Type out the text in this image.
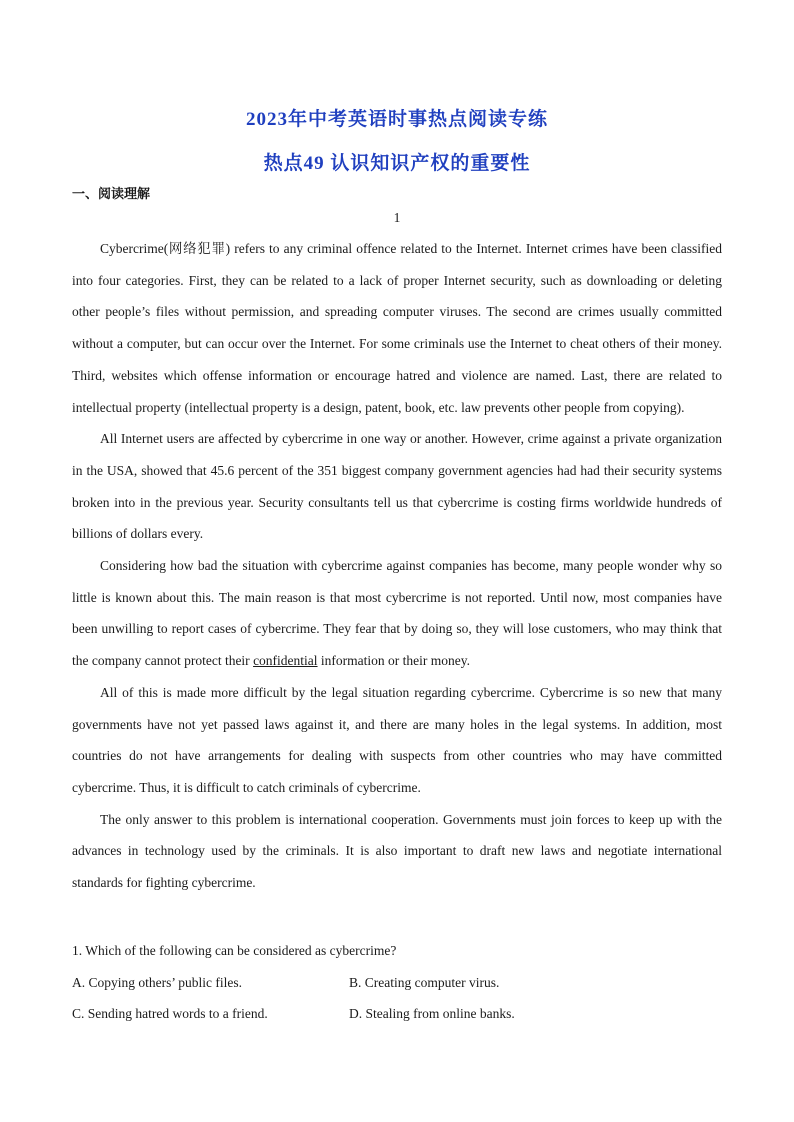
2023年中考英语时事热点阅读专练
热点49 认识知识产权的重要性
一、阅读理解
1

Cybercrime(网络犯罪) refers to any criminal offence related to the Internet. Internet crimes have been classified into four categories. First, they can be related to a lack of proper Internet security, such as downloading or deleting other people’s files without permission, and spreading computer viruses. The second are crimes usually committed without a computer, but can occur over the Internet. For some criminals use the Internet to cheat others of their money. Third, websites which offense information or encourage hatred and violence are named. Last, there are related to intellectual property (intellectual property is a design, patent, book, etc. law prevents other people from copying).

All Internet users are affected by cybercrime in one way or another. However, crime against a private organization in the USA, showed that 45.6 percent of the 351 biggest company government agencies had had their security systems broken into in the previous year. Security consultants tell us that cybercrime is costing firms worldwide hundreds of billions of dollars every.

Considering how bad the situation with cybercrime against companies has become, many people wonder why so little is known about this. The main reason is that most cybercrime is not reported. Until now, most companies have been unwilling to report cases of cybercrime. They fear that by doing so, they will lose customers, who may think that the company cannot protect their confidential information or their money.

All of this is made more difficult by the legal situation regarding cybercrime. Cybercrime is so new that many governments have not yet passed laws against it, and there are many holes in the legal systems. In addition, most countries do not have arrangements for dealing with suspects from other countries who may have committed cybercrime. Thus, it is difficult to catch criminals of cybercrime.

The only answer to this problem is international cooperation. Governments must join forces to keep up with the advances in technology used by the criminals. It is also important to draft new laws and negotiate international standards for fighting cybercrime.

1. Which of the following can be considered as cybercrime?
A. Copying others’ public files.	B. Creating computer virus.
C. Sending hatred words to a friend.	D. Stealing from online banks.
